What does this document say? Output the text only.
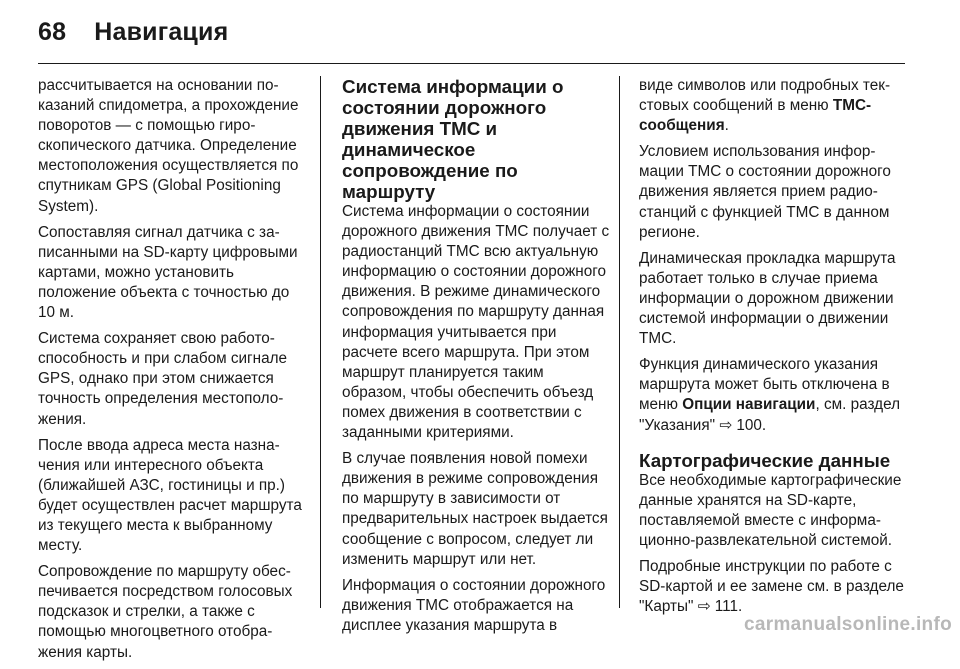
68 Навигация

рассчитывается на основании показаний спидометра, а прохождение поворотов — с помощью гироскопического датчика. Определение местоположения осуществляется по спутникам GPS (Global Positioning System).

Сопоставляя сигнал датчика с записанными на SD-карту цифровыми картами, можно установить положение объекта с точностью до 10 м.

Система сохраняет свою работоспособность и при слабом сигнале GPS, однако при этом снижается точность определения местоположения.

После ввода адреса места назначения или интересного объекта (ближайшей АЗС, гостиницы и пр.) будет осуществлен расчет маршрута из текущего места к выбранному месту.

Сопровождение по маршруту обеспечивается посредством голосовых подсказок и стрелки, а также с помощью многоцветного отображения карты.

Система информации о состоянии дорожного движения TMC и динамическое сопровождение по маршруту

Система информации о состоянии дорожного движения TMC получает с радиостанций TMC всю актуальную информацию о состоянии дорожного движения. В режиме динамического сопровождения по маршруту данная информация учитывается при расчете всего маршрута. При этом маршрут планируется таким образом, чтобы обеспечить объезд помех движения в соответствии с заданными критериями.

В случае появления новой помехи движения в режиме сопровождения по маршруту в зависимости от предварительных настроек выдается сообщение с вопросом, следует ли изменить маршрут или нет.

Информация о состоянии дорожного движения TMC отображается на дисплее указания маршрута в

виде символов или подробных текстовых сообщений в меню TMC-сообщения.

Условием использования информации TMC о состоянии дорожного движения является прием радиостанций с функцией TMC в данном регионе.

Динамическая прокладка маршрута работает только в случае приема информации о дорожном движении системой информации о движении TMC.

Функция динамического указания маршрута может быть отключена в меню Опции навигации, см. раздел "Указания" ⇨ 100.

Картографические данные

Все необходимые картографические данные хранятся на SD-карте, поставляемой вместе с информационно-развлекательной системой.

Подробные инструкции по работе с SD-картой и ее замене см. в разделе "Карты" ⇨ 111.

carmanualsonline.info
